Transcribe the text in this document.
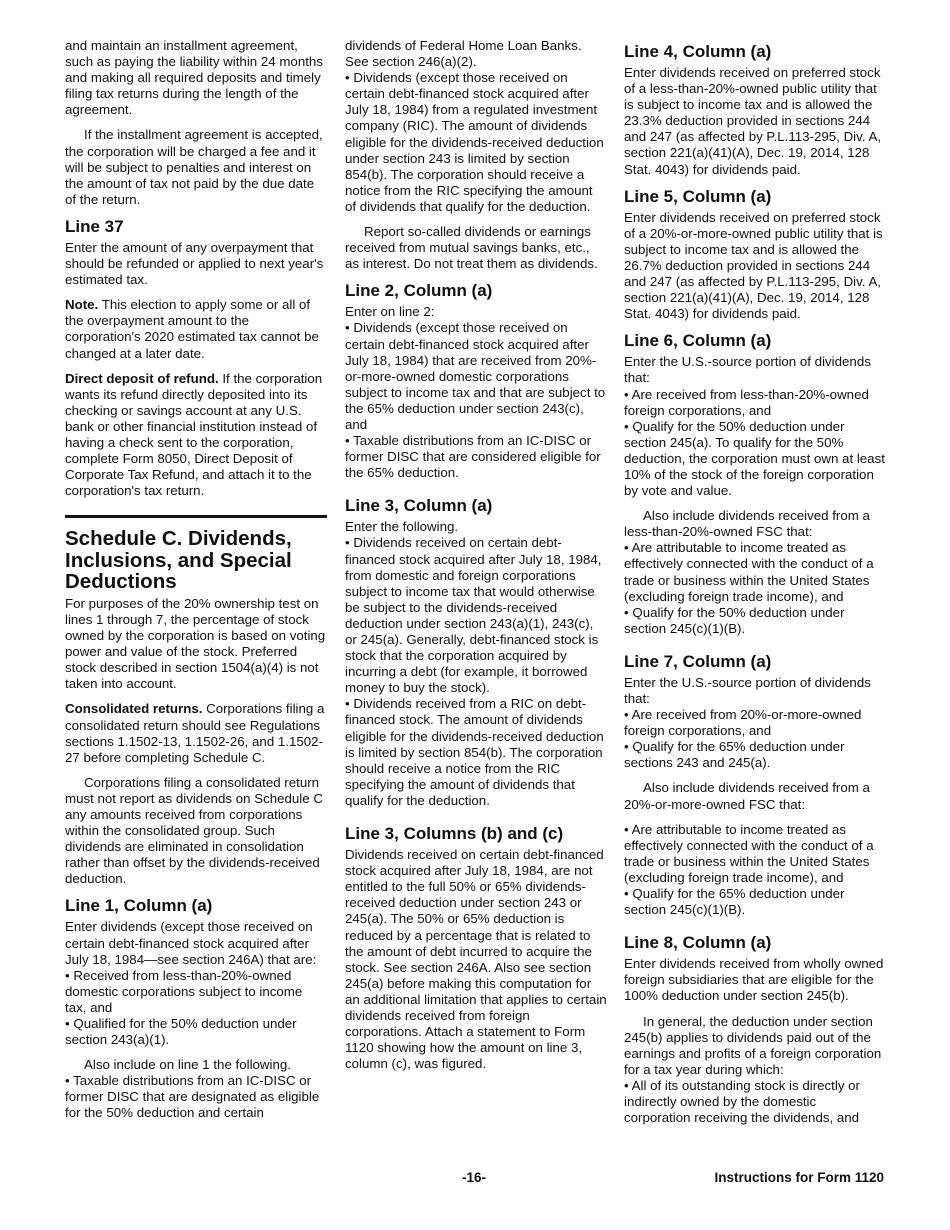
and maintain an installment agreement, such as paying the liability within 24 months and making all required deposits and timely filing tax returns during the length of the agreement.

If the installment agreement is accepted, the corporation will be charged a fee and it will be subject to penalties and interest on the amount of tax not paid by the due date of the return.

Line 37

Enter the amount of any overpayment that should be refunded or applied to next year's estimated tax.

Note. This election to apply some or all of the overpayment amount to the corporation's 2020 estimated tax cannot be changed at a later date.

Direct deposit of refund. If the corporation wants its refund directly deposited into its checking or savings account at any U.S. bank or other financial institution instead of having a check sent to the corporation, complete Form 8050, Direct Deposit of Corporate Tax Refund, and attach it to the corporation's tax return.

Schedule C. Dividends, Inclusions, and Special Deductions

For purposes of the 20% ownership test on lines 1 through 7, the percentage of stock owned by the corporation is based on voting power and value of the stock. Preferred stock described in section 1504(a)(4) is not taken into account.

Consolidated returns. Corporations filing a consolidated return should see Regulations sections 1.1502-13, 1.1502-26, and 1.1502-27 before completing Schedule C.

Corporations filing a consolidated return must not report as dividends on Schedule C any amounts received from corporations within the consolidated group. Such dividends are eliminated in consolidation rather than offset by the dividends-received deduction.

Line 1, Column (a)

Enter dividends (except those received on certain debt-financed stock acquired after July 18, 1984—see section 246A) that are:

• Received from less-than-20%-owned domestic corporations subject to income tax, and
• Qualified for the 50% deduction under section 243(a)(1).

Also include on line 1 the following.

• Taxable distributions from an IC-DISC or former DISC that are designated as eligible for the 50% deduction and certain

dividends of Federal Home Loan Banks. See section 246(a)(2).

• Dividends (except those received on certain debt-financed stock acquired after July 18, 1984) from a regulated investment company (RIC). The amount of dividends eligible for the dividends-received deduction under section 243 is limited by section 854(b). The corporation should receive a notice from the RIC specifying the amount of dividends that qualify for the deduction.

Report so-called dividends or earnings received from mutual savings banks, etc., as interest. Do not treat them as dividends.

Line 2, Column (a)

Enter on line 2:

• Dividends (except those received on certain debt-financed stock acquired after July 18, 1984) that are received from 20%-or-more-owned domestic corporations subject to income tax and that are subject to the 65% deduction under section 243(c), and
• Taxable distributions from an IC-DISC or former DISC that are considered eligible for the 65% deduction.
Line 3, Column (a)

Enter the following.

• Dividends received on certain debt-financed stock acquired after July 18, 1984, from domestic and foreign corporations subject to income tax that would otherwise be subject to the dividends-received deduction under section 243(a)(1), 243(c), or 245(a). Generally, debt-financed stock is stock that the corporation acquired by incurring a debt (for example, it borrowed money to buy the stock).
• Dividends received from a RIC on debt-financed stock. The amount of dividends eligible for the dividends-received deduction is limited by section 854(b). The corporation should receive a notice from the RIC specifying the amount of dividends that qualify for the deduction.
Line 3, Columns (b) and (c)

Dividends received on certain debt-financed stock acquired after July 18, 1984, are not entitled to the full 50% or 65% dividends-received deduction under section 243 or 245(a). The 50% or 65% deduction is reduced by a percentage that is related to the amount of debt incurred to acquire the stock. See section 246A. Also see section 245(a) before making this computation for an additional limitation that applies to certain dividends received from foreign corporations. Attach a statement to Form 1120 showing how the amount on line 3, column (c), was figured.

Line 4, Column (a)

Enter dividends received on preferred stock of a less-than-20%-owned public utility that is subject to income tax and is allowed the 23.3% deduction provided in sections 244 and 247 (as affected by P.L.113-295, Div. A, section 221(a)(41)(A), Dec. 19, 2014, 128 Stat. 4043) for dividends paid.

Line 5, Column (a)

Enter dividends received on preferred stock of a 20%-or-more-owned public utility that is subject to income tax and is allowed the 26.7% deduction provided in sections 244 and 247 (as affected by P.L.113-295, Div. A, section 221(a)(41)(A), Dec. 19, 2014, 128 Stat. 4043) for dividends paid.

Line 6, Column (a)

Enter the U.S.-source portion of dividends that:

• Are received from less-than-20%-owned foreign corporations, and
• Qualify for the 50% deduction under section 245(a). To qualify for the 50% deduction, the corporation must own at least 10% of the stock of the foreign corporation by vote and value.

Also include dividends received from a less-than-20%-owned FSC that:

• Are attributable to income treated as effectively connected with the conduct of a trade or business within the United States (excluding foreign trade income), and
• Qualify for the 50% deduction under section 245(c)(1)(B).
Line 7, Column (a)

Enter the U.S.-source portion of dividends that:

• Are received from 20%-or-more-owned foreign corporations, and
• Qualify for the 65% deduction under sections 243 and 245(a).

Also include dividends received from a 20%-or-more-owned FSC that:

• Are attributable to income treated as effectively connected with the conduct of a trade or business within the United States (excluding foreign trade income), and
• Qualify for the 65% deduction under section 245(c)(1)(B).
Line 8, Column (a)

Enter dividends received from wholly owned foreign subsidiaries that are eligible for the 100% deduction under section 245(b).

In general, the deduction under section 245(b) applies to dividends paid out of the earnings and profits of a foreign corporation for a tax year during which:

• All of its outstanding stock is directly or indirectly owned by the domestic corporation receiving the dividends, and
-16-	Instructions for Form 1120
